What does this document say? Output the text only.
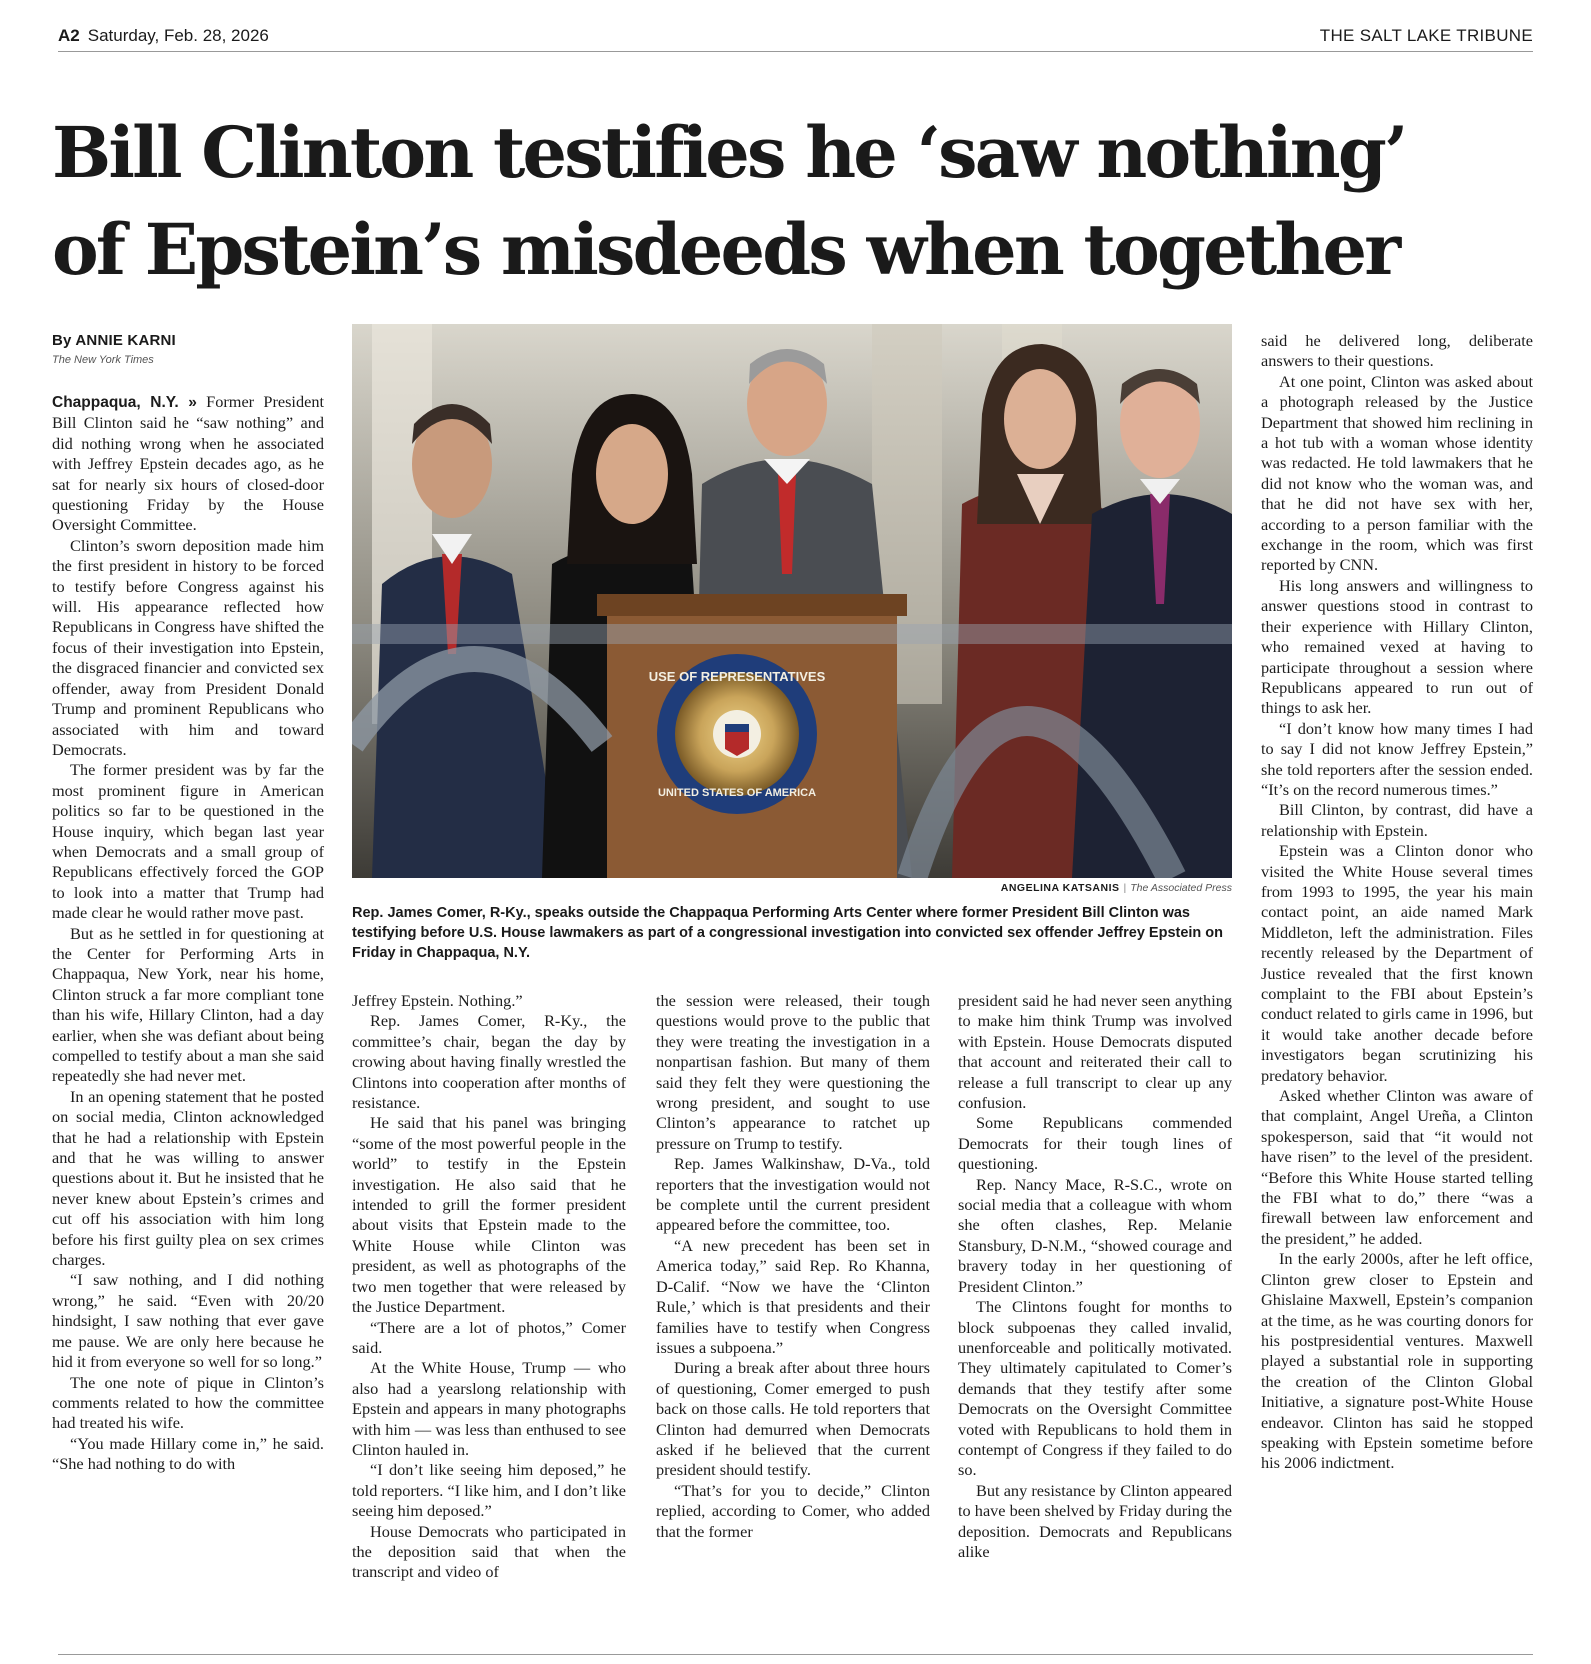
A2 Saturday, Feb. 28, 2026	THE SALT LAKE TRIBUNE
Bill Clinton testifies he ‘saw nothing’
of Epstein’s misdeeds when together
By ANNIE KARNI
The New York Times

Chappaqua, N.Y. » Former President Bill Clinton said he “saw nothing” and did nothing wrong when he associated with Jeffrey Epstein decades ago, as he sat for nearly six hours of closed-door questioning Friday by the House Oversight Committee.

Clinton’s sworn deposition made him the first president in history to be forced to testify before Congress against his will. His appearance reflected how Republicans in Congress have shifted the focus of their investigation into Epstein, the disgraced financier and convicted sex offender, away from President Donald Trump and prominent Republicans who associated with him and toward Democrats.

The former president was by far the most prominent figure in American politics so far to be questioned in the House inquiry, which began last year when Democrats and a small group of Republicans effectively forced the GOP to look into a matter that Trump had made clear he would rather move past.

But as he settled in for questioning at the Center for Performing Arts in Chappaqua, New York, near his home, Clinton struck a far more compliant tone than his wife, Hillary Clinton, had a day earlier, when she was defiant about being compelled to testify about a man she said repeatedly she had never met.

In an opening statement that he posted on social media, Clinton acknowledged that he had a relationship with Epstein and that he was willing to answer questions about it. But he insisted that he never knew about Epstein’s crimes and cut off his association with him long before his first guilty plea on sex crimes charges.

“I saw nothing, and I did nothing wrong,” he said. “Even with 20/20 hindsight, I saw nothing that ever gave me pause. We are only here because he hid it from everyone so well for so long.”

The one note of pique in Clinton’s comments related to how the committee had treated his wife.

“You made Hillary come in,” he said. “She had nothing to do with

USE OF REPRESENTATIVES
UNITED STATES OF AMERICA
ANGELINA KATSANIS | The Associated Press

Rep. James Comer, R-Ky., speaks outside the Chappaqua Performing Arts Center where former President Bill Clinton was testifying before U.S. House lawmakers as part of a congressional investigation into convicted sex offender Jeffrey Epstein on Friday in Chappaqua, N.Y.

Jeffrey Epstein. Nothing.”

Rep. James Comer, R-Ky., the committee’s chair, began the day by crowing about having finally wrestled the Clintons into cooperation after months of resistance.

He said that his panel was bringing “some of the most powerful people in the world” to testify in the Epstein investigation. He also said that he intended to grill the former president about visits that Epstein made to the White House while Clinton was president, as well as photographs of the two men together that were released by the Justice Department.

“There are a lot of photos,” Comer said.

At the White House, Trump — who also had a yearslong relationship with Epstein and appears in many photographs with him — was less than enthused to see Clinton hauled in.

“I don’t like seeing him deposed,” he told reporters. “I like him, and I don’t like seeing him deposed.”

House Democrats who participated in the deposition said that when the transcript and video of

the session were released, their tough questions would prove to the public that they were treating the investigation in a nonpartisan fashion. But many of them said they felt they were questioning the wrong president, and sought to use Clinton’s appearance to ratchet up pressure on Trump to testify.

Rep. James Walkinshaw, D-Va., told reporters that the investigation would not be complete until the current president appeared before the committee, too.

“A new precedent has been set in America today,” said Rep. Ro Khanna, D-Calif. “Now we have the ‘Clinton Rule,’ which is that presidents and their families have to testify when Congress issues a subpoena.”

During a break after about three hours of questioning, Comer emerged to push back on those calls. He told reporters that Clinton had demurred when Democrats asked if he believed that the current president should testify.

“That’s for you to decide,” Clinton replied, according to Comer, who added that the former

president said he had never seen anything to make him think Trump was involved with Epstein. House Democrats disputed that account and reiterated their call to release a full transcript to clear up any confusion.

Some Republicans commended Democrats for their tough lines of questioning.

Rep. Nancy Mace, R-S.C., wrote on social media that a colleague with whom she often clashes, Rep. Melanie Stansbury, D-N.M., “showed courage and bravery today in her questioning of President Clinton.”

The Clintons fought for months to block subpoenas they called invalid, unenforceable and politically motivated. They ultimately capitulated to Comer’s demands that they testify after some Democrats on the Oversight Committee voted with Republicans to hold them in contempt of Congress if they failed to do so.

But any resistance by Clinton appeared to have been shelved by Friday during the deposition. Democrats and Republicans alike

said he delivered long, deliberate answers to their questions.

At one point, Clinton was asked about a photograph released by the Justice Department that showed him reclining in a hot tub with a woman whose identity was redacted. He told lawmakers that he did not know who the woman was, and that he did not have sex with her, according to a person familiar with the exchange in the room, which was first reported by CNN.

His long answers and willingness to answer questions stood in contrast to their experience with Hillary Clinton, who remained vexed at having to participate throughout a session where Republicans appeared to run out of things to ask her.

“I don’t know how many times I had to say I did not know Jeffrey Epstein,” she told reporters after the session ended. “It’s on the record numerous times.”

Bill Clinton, by contrast, did have a relationship with Epstein.

Epstein was a Clinton donor who visited the White House several times from 1993 to 1995, the year his main contact point, an aide named Mark Middleton, left the administration. Files recently released by the Department of Justice revealed that the first known complaint to the FBI about Epstein’s conduct related to girls came in 1996, but it would take another decade before investigators began scrutinizing his predatory behavior.

Asked whether Clinton was aware of that complaint, Angel Ureña, a Clinton spokesperson, said that “it would not have risen” to the level of the president. “Before this White House started telling the FBI what to do,” there “was a firewall between law enforcement and the president,” he added.

In the early 2000s, after he left office, Clinton grew closer to Epstein and Ghislaine Maxwell, Epstein’s companion at the time, as he was courting donors for his postpresidential ventures. Maxwell played a substantial role in supporting the creation of the Clinton Global Initiative, a signature post-White House endeavor. Clinton has said he stopped speaking with Epstein sometime before his 2006 indictment.
